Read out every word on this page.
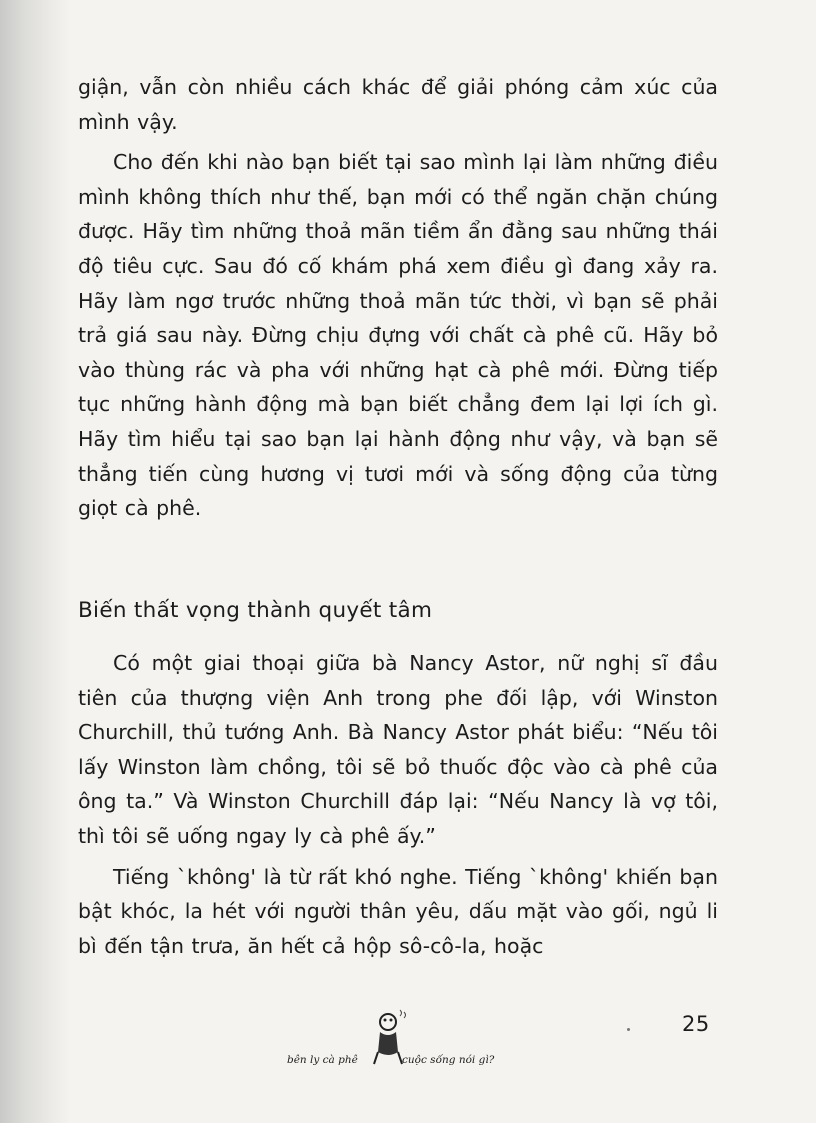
giận, vẫn còn nhiều cách khác để giải phóng cảm xúc của mình vậy.

Cho đến khi nào bạn biết tại sao mình lại làm những điều mình không thích như thế, bạn mới có thể ngăn chặn chúng được. Hãy tìm những thoả mãn tiềm ẩn đằng sau những thái độ tiêu cực. Sau đó cố khám phá xem điều gì đang xảy ra. Hãy làm ngơ trước những thoả mãn tức thời, vì bạn sẽ phải trả giá sau này. Đừng chịu đựng với chất cà phê cũ. Hãy bỏ vào thùng rác và pha với những hạt cà phê mới. Đừng tiếp tục những hành động mà bạn biết chẳng đem lại lợi ích gì. Hãy tìm hiểu tại sao bạn lại hành động như vậy, và bạn sẽ thẳng tiến cùng hương vị tươi mới và sống động của từng giọt cà phê.

Biến thất vọng thành quyết tâm

Có một giai thoại giữa bà Nancy Astor, nữ nghị sĩ đầu tiên của thượng viện Anh trong phe đối lập, với Winston Churchill, thủ tướng Anh. Bà Nancy Astor phát biểu: “Nếu tôi lấy Winston làm chồng, tôi sẽ bỏ thuốc độc vào cà phê của ông ta.” Và Winston Churchill đáp lại: “Nếu Nancy là vợ tôi, thì tôi sẽ uống ngay ly cà phê ấy.”

Tiếng `không' là từ rất khó nghe. Tiếng `không' khiến bạn bật khóc, la hét với người thân yêu, dấu mặt vào gối, ngủ li bì đến tận trưa, ăn hết cả hộp sô-cô-la, hoặc

25
bên ly cà phê	cuộc sống nói gì?
